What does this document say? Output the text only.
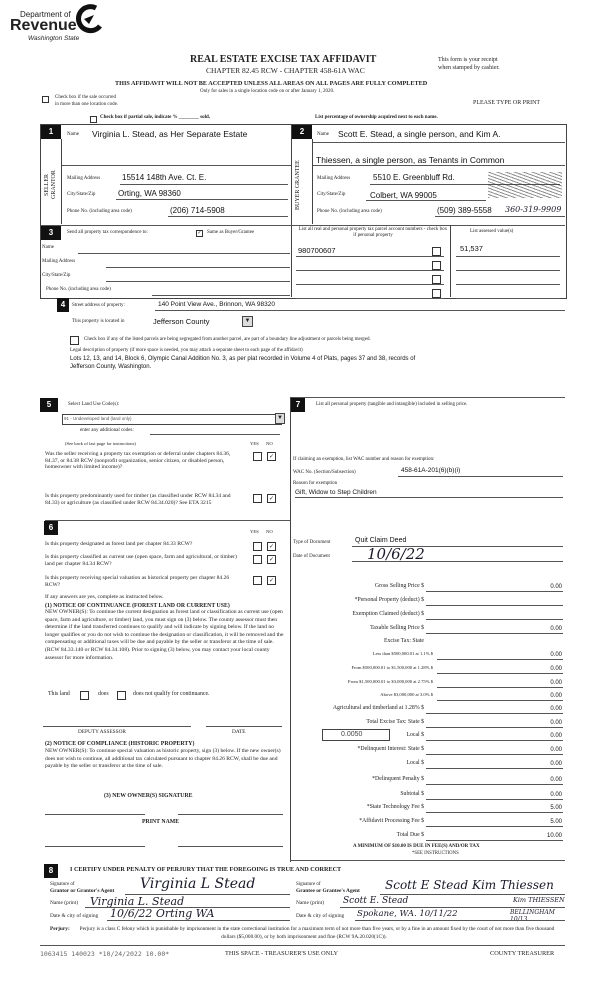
Department of
Revenue
Washington State
REAL ESTATE EXCISE TAX AFFIDAVIT
CHAPTER 82.45 RCW - CHAPTER 458-61A WAC
THIS AFFIDAVIT WILL NOT BE ACCEPTED UNLESS ALL AREAS ON ALL PAGES ARE FULLY COMPLETED
Only for sales in a single location code on or after January 1, 2020.
This form is your receipt
when stamped by cashier.
Check box if the sale occurred
in more than one location code.	PLEASE TYPE OR PRINT
Check box if partial sale, indicate % ________ sold.	List percentage of ownership acquired next to each name.
1
SELLER GRANTOR
Name Virginia L. Stead, as Her Separate Estate
Mailing Address	15514 148th Ave. Ct. E.
City/State/Zip	Orting, WA 98360
Phone No. (including area code)	(206) 714-5908
2
BUYER GRANTEE
Name Scott E. Stead, a single person, and Kim A.
Thiessen, a single person, as Tenants in Common
Mailing Address	5510 E. Greenbluff Rd.
City/State/Zip	Colbert, WA 99005
Phone No. (including area code)	(509) 389-5558 360-319-9909
3	Send all property tax correspondence to:	✓ Same as Buyer/Grantee
List all real and personal property tax parcel account numbers - check box if personal property
List assessed value(s)
Name
Mailing Address
City/State/Zip
Phone No. (including area code)
980700607	51,537
4	Street address of property:	140 Point View Ave., Brinnon, WA 98320
This property is located in	Jefferson County	▼
Check box if any of the listed parcels are being segregated from another parcel, are part of a boundary line adjustment or parcels being merged.
Legal description of property (if more space is needed, you may attach a separate sheet to each page of the affidavit)
Lots 12, 13, and 14, Block 6, Olympic Canal Addition No. 3, as per plat recorded in Volume 4 of Plats, pages 37 and 38, records of
Jefferson County, Washington.
5	Select Land Use Code(s):
91 - Undeveloped land (land only)	▼
enter any additional codes:
(See back of last page for instructions)	YES NO
Was the seller receiving a property tax exemption or deferral under chapters 84.36, 84.37, or 84.38 RCW (nonprofit organization, senior citizen, or disabled person, homeowner with limited income)?
✓
Is this property predominantly used for timber (as classified under RCW 84.34 and 84.33) or agriculture (as classified under RCW 84.34.020)? See ETA 3215
✓
6	YES NO
Is this property designated as forest land per chapter 84.33 RCW?	✓
Is this property classified as current use (open space, farm and agricultural, or timber) land per chapter 84.34 RCW?
✓
Is this property receiving special valuation as historical property per chapter 84.26 RCW?
✓
If any answers are yes, complete as instructed below.
(1) NOTICE OF CONTINUANCE (FOREST LAND OR CURRENT USE)
NEW OWNER(S): To continue the current designation as forest land or classification as current use (open space, farm and agriculture, or timber) land, you must sign on (3) below. The county assessor must then determine if the land transferred continues to qualify and will indicate by signing below. If the land no longer qualifies or you do not wish to continue the designation or classification, it will be removed and the compensating or additional taxes will be due and payable by the seller or transferor at the time of sale. (RCW 84.33.140 or RCW 84.34.108). Prior to signing (3) below, you may contact your local county assessor for more information.
This land	does	does not qualify for continuance.
DEPUTY ASSESSOR	DATE
(2) NOTICE OF COMPLIANCE (HISTORIC PROPERTY)
NEW OWNER(S): To continue special valuation as historic property, sign (3) below. If the new owner(s) does not wish to continue, all additional tax calculated pursuant to chapter 84.26 RCW, shall be due and payable by the seller or transferor at the time of sale.
(3) NEW OWNER(S) SIGNATURE
PRINT NAME
7	List all personal property (tangible and intangible) included in selling price.
If claiming an exemption, list WAC number and reason for exemption:
WAC No. (Section/Subsection)	458-61A-201(6)(b)(i)
Reason for exemption
Gift, Widow to Step Children
Type of Document	Quit Claim Deed
Date of Document 10/6/22
Gross Selling Price $	0.00
*Personal Property (deduct) $
Exemption Claimed (deduct) $
Taxable Selling Price $	0.00
Excise Tax: State
Less than $500,000.01 at 1.1% $	0.00
From $500,000.01 to $1,500,000 at 1.28% $	0.00
From $1,500,000.01 to $3,000,000 at 2.75% $	0.00
Above $3,000,000 at 3.0% $	0.00
Agricultural and timberland at 1.28% $	0.00
Total Excise Tax: State $	0.00
Local $	0.00
*Delinquent Interest: State $	0.00
Local $	0.00
*Delinquent Penalty $	0.00
Subtotal $	0.00
*State Technology Fee $	5.00
*Affidavit Processing Fee $	5.00
Total Due $	10.00
0.0050
A MINIMUM OF $10.00 IS DUE IN FEE(S) AND/OR TAX
*SEE INSTRUCTIONS
8	I CERTIFY UNDER PENALTY OF PERJURY THAT THE FOREGOING IS TRUE AND CORRECT
Signature of
Grantor or Grantor's Agent Virginia L Stead
Name (print) Virginia L. Stead
Date & city of signing 10/6/22 Orting WA
Signature of
Grantee or Grantee's Agent Scott E Stead Kim Thiessen
Name (print) Scott E. Stead	Kim THIESSEN
Date & city of signing Spokane, WA. 10/11/22	BELLINGHAM 10/13
Perjury:	Perjury is a class C felony which is punishable by imprisonment in the state correctional institution for a maximum term of not more than five years, or by a fine in an amount fixed by the court of not more than five thousand dollars ($5,000.00), or by both imprisonment and fine (RCW 9A.20.020(1C)).
1063415 140023 *10/24/2022 10.00*	THIS SPACE - TREASURER'S USE ONLY	COUNTY TREASURER
